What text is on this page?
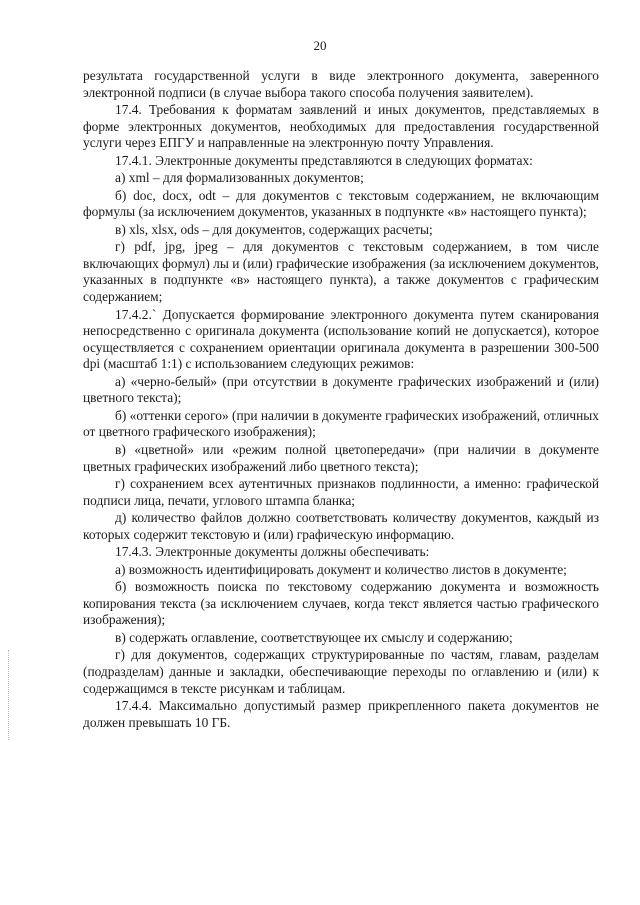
20

результата государственной услуги в виде электронного документа, заверенного электронной подписи (в случае выбора такого способа получения заявителем).

17.4. Требования к форматам заявлений и иных документов, представляемых в форме электронных документов, необходимых для предоставления государственной услуги через ЕПГУ и направленные на электронную почту Управления.

17.4.1. Электронные документы представляются в следующих форматах:

а) xml – для формализованных документов;

б) doc, docx, odt – для документов с текстовым содержанием, не включающим формулы (за исключением документов, указанных в подпункте «в» настоящего пункта);

в) xls, xlsx, ods – для документов, содержащих расчеты;

г) pdf, jpg, jpeg – для документов с текстовым содержанием, в том числе включающих формул) лы и (или) графические изображения (за исключением документов, указанных в подпункте «в» настоящего пункта), а также документов с графическим содержанием;

17.4.2.` Допускается формирование электронного документа путем сканирования непосредственно с оригинала документа (использование копий не допускается), которое осуществляется с сохранением ориентации оригинала документа в разрешении 300-500 dpi (масштаб 1:1) с использованием следующих режимов:

а) «черно-белый» (при отсутствии в документе графических изображений и (или) цветного текста);

б) «оттенки серого» (при наличии в документе графических изображений, отличных от цветного графического изображения);

в) «цветной» или «режим полной цветопередачи» (при наличии в документе цветных графических изображений либо цветного текста);

г) сохранением всех аутентичных признаков подлинности, а именно: графической подписи лица, печати, углового штампа бланка;

д) количество файлов должно соответствовать количеству документов, каждый из которых содержит текстовую и (или) графическую информацию.

17.4.3. Электронные документы должны обеспечивать:

а) возможность идентифицировать документ и количество листов в документе;

б) возможность поиска по текстовому содержанию документа и возможность копирования текста (за исключением случаев, когда текст является частью графического изображения);

в) содержать оглавление, соответствующее их смыслу и содержанию;

г) для документов, содержащих структурированные по частям, главам, разделам (подразделам) данные и закладки, обеспечивающие переходы по оглавлению и (или) к содержащимся в тексте рисункам и таблицам.

17.4.4. Максимально допустимый размер прикрепленного пакета документов не должен превышать 10 ГБ.
